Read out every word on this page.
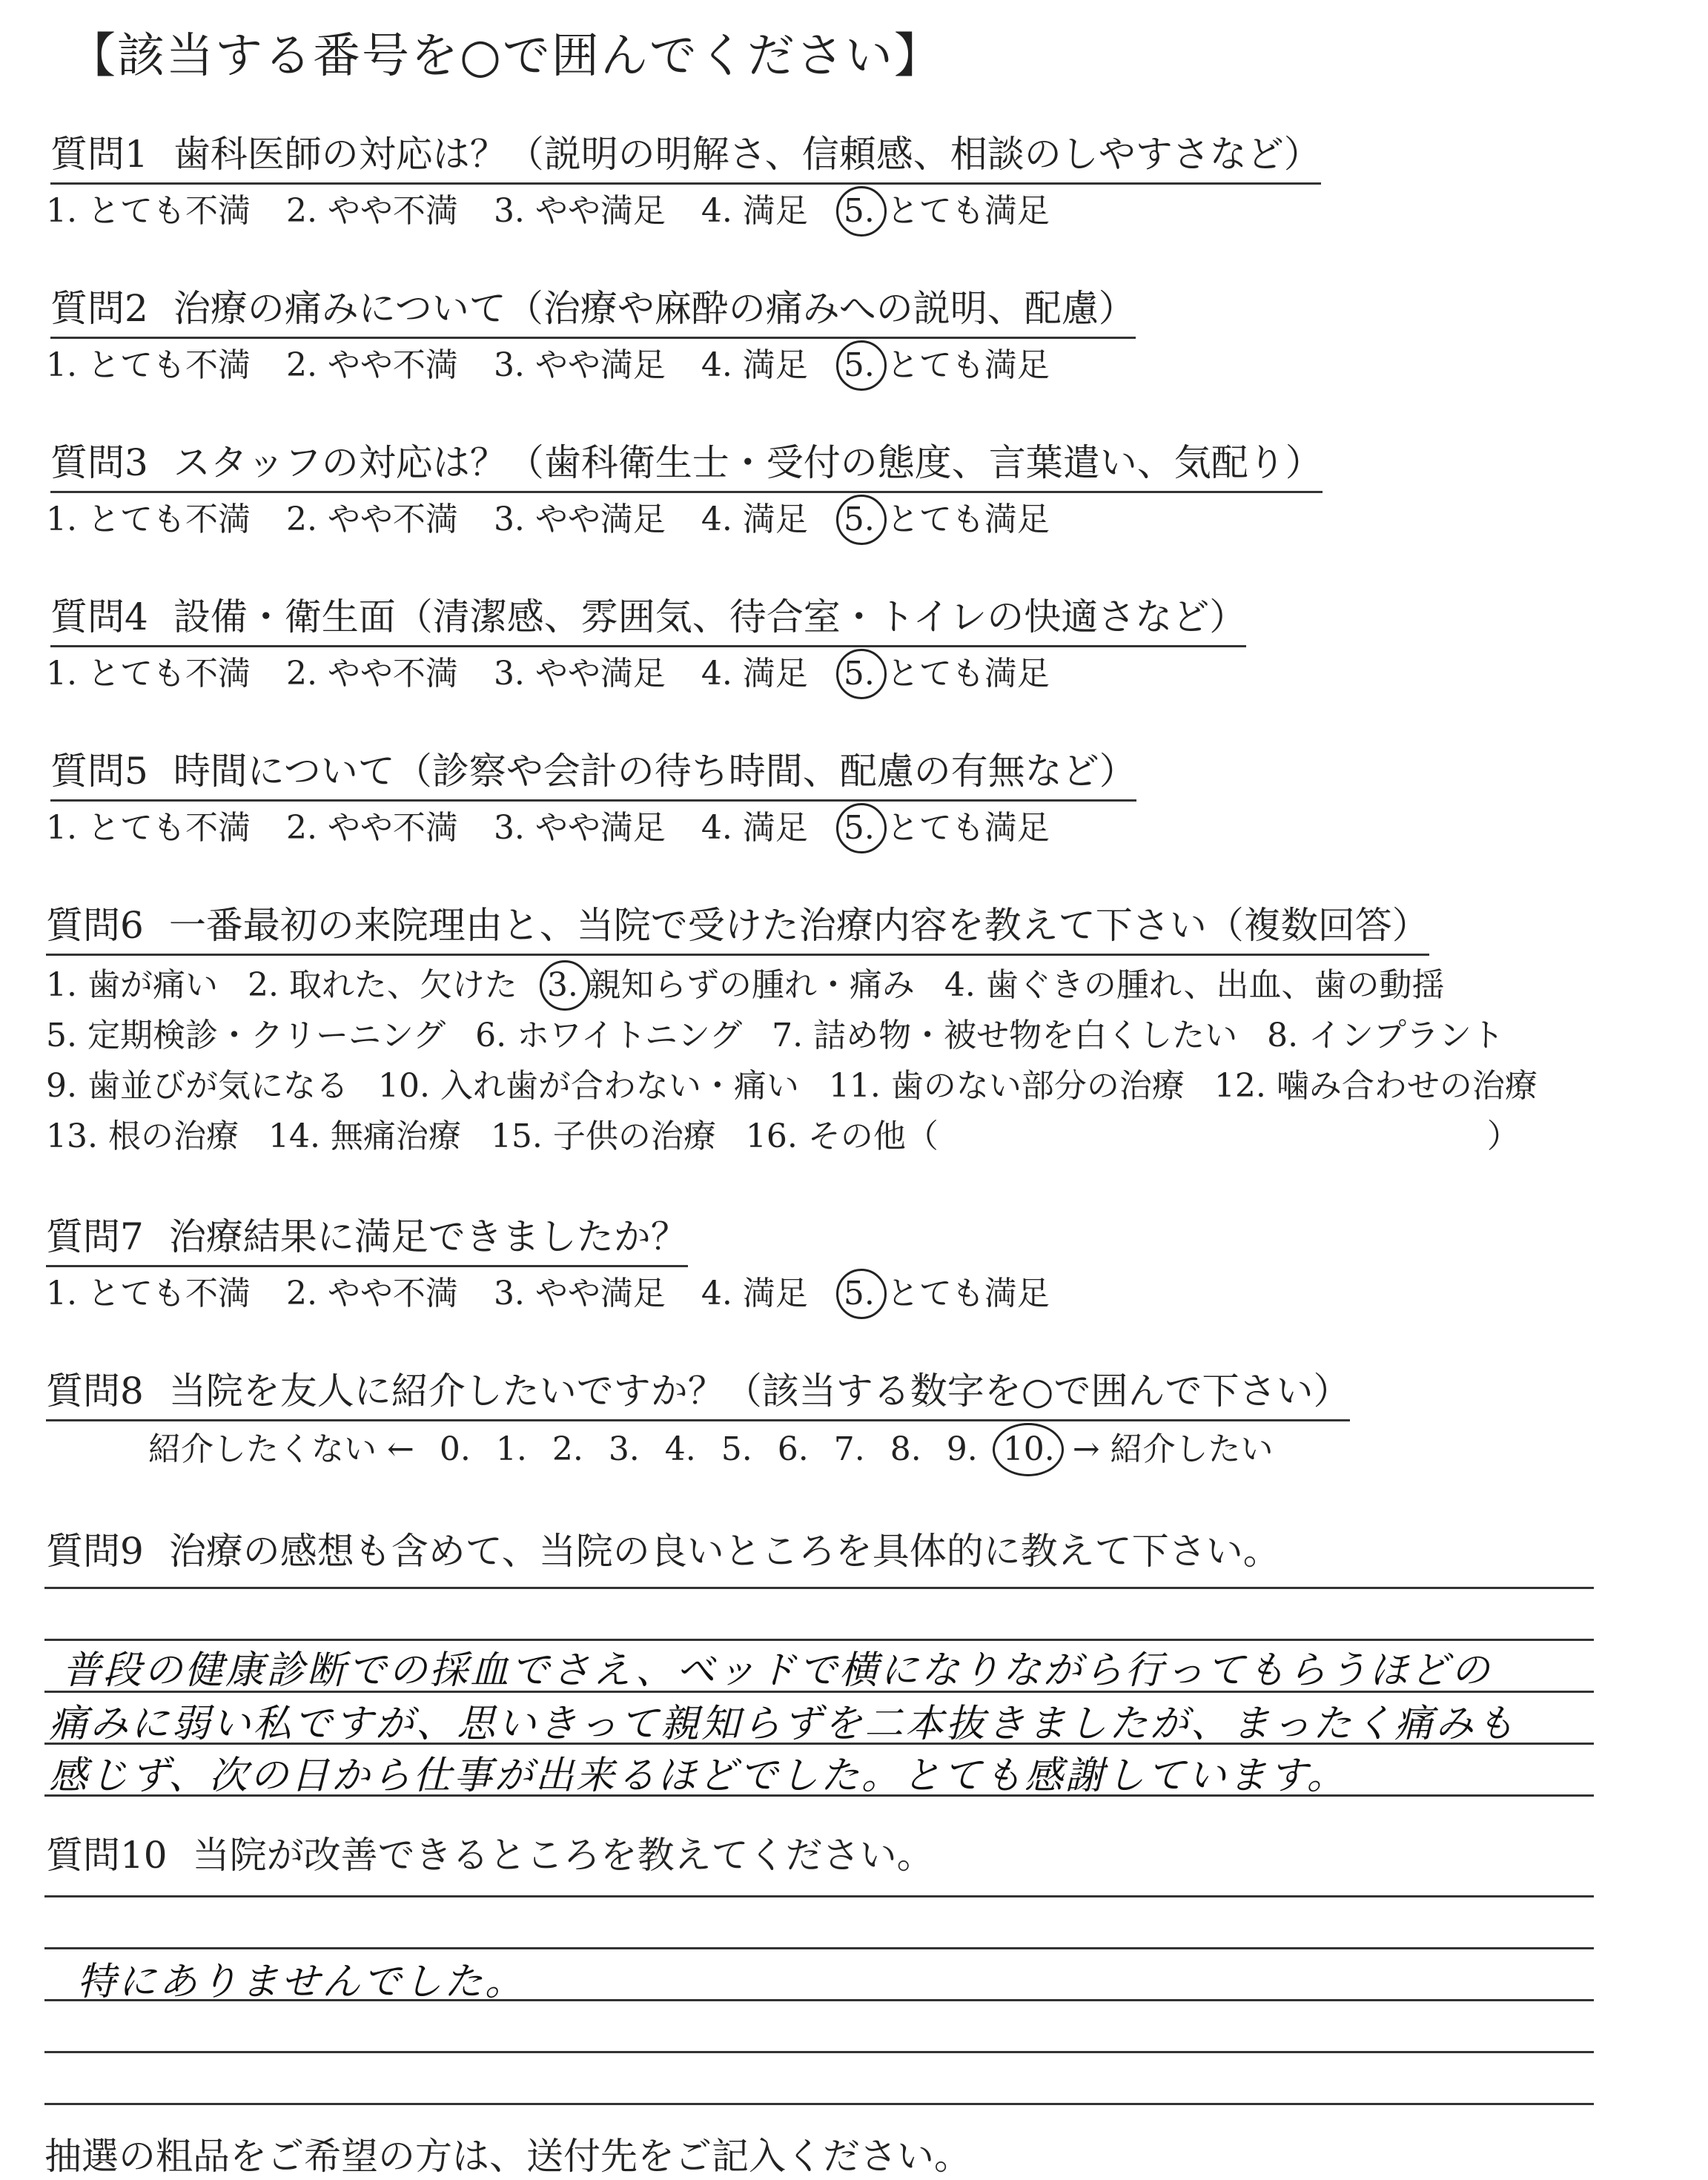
【該当する番号を○で囲んでください】
質問1 歯科医師の対応は？（説明の明解さ、信頼感、相談のしやすさなど）
1. とても不満 2. やや不満 3. やや満足 4. 満足 5. とても満足
質問2 治療の痛みについて（治療や麻酔の痛みへの説明、配慮）
1. とても不満 2. やや不満 3. やや満足 4. 満足 5. とても満足
質問3 スタッフの対応は？（歯科衛生士・受付の態度、言葉遣い、気配り）
1. とても不満 2. やや不満 3. やや満足 4. 満足 5. とても満足
質問4 設備・衛生面（清潔感、雰囲気、待合室・トイレの快適さなど）
1. とても不満 2. やや不満 3. やや満足 4. 満足 5. とても満足
質問5 時間について（診察や会計の待ち時間、配慮の有無など）
1. とても不満 2. やや不満 3. やや満足 4. 満足 5. とても満足
質問6 一番最初の来院理由と、当院で受けた治療内容を教えて下さい（複数回答）
1. 歯が痛い 2. 取れた、欠けた 3. 親知らずの腫れ・痛み 4. 歯ぐきの腫れ、出血、歯の動揺
5. 定期検診・クリーニング 6. ホワイトニング 7. 詰め物・被せ物を白くしたい 8. インプラント
9. 歯並びが気になる 10. 入れ歯が合わない・痛い 11. 歯のない部分の治療 12. 噛み合わせの治療
13. 根の治療 14. 無痛治療 15. 子供の治療 16. その他（	）
質問7 治療結果に満足できましたか？
1. とても不満 2. やや不満 3. やや満足 4. 満足 5. とても満足
質問8 当院を友人に紹介したいですか？（該当する数字を○で囲んで下さい）
紹介したくない ← 0. 1. 2. 3. 4. 5. 6. 7. 8. 9. 10. → 紹介したい
質問9 治療の感想も含めて、当院の良いところを具体的に教えて下さい。
普段の健康診断での採血でさえ、ベッドで横になりながら行ってもらうほどの
痛みに弱い私ですが、思いきって親知らずを二本抜きましたが、まったく痛みも
感じず、次の日から仕事が出来るほどでした。とても感謝しています。
質問10 当院が改善できるところを教えてください。
特にありませんでした。
抽選の粗品をご希望の方は、送付先をご記入ください。
